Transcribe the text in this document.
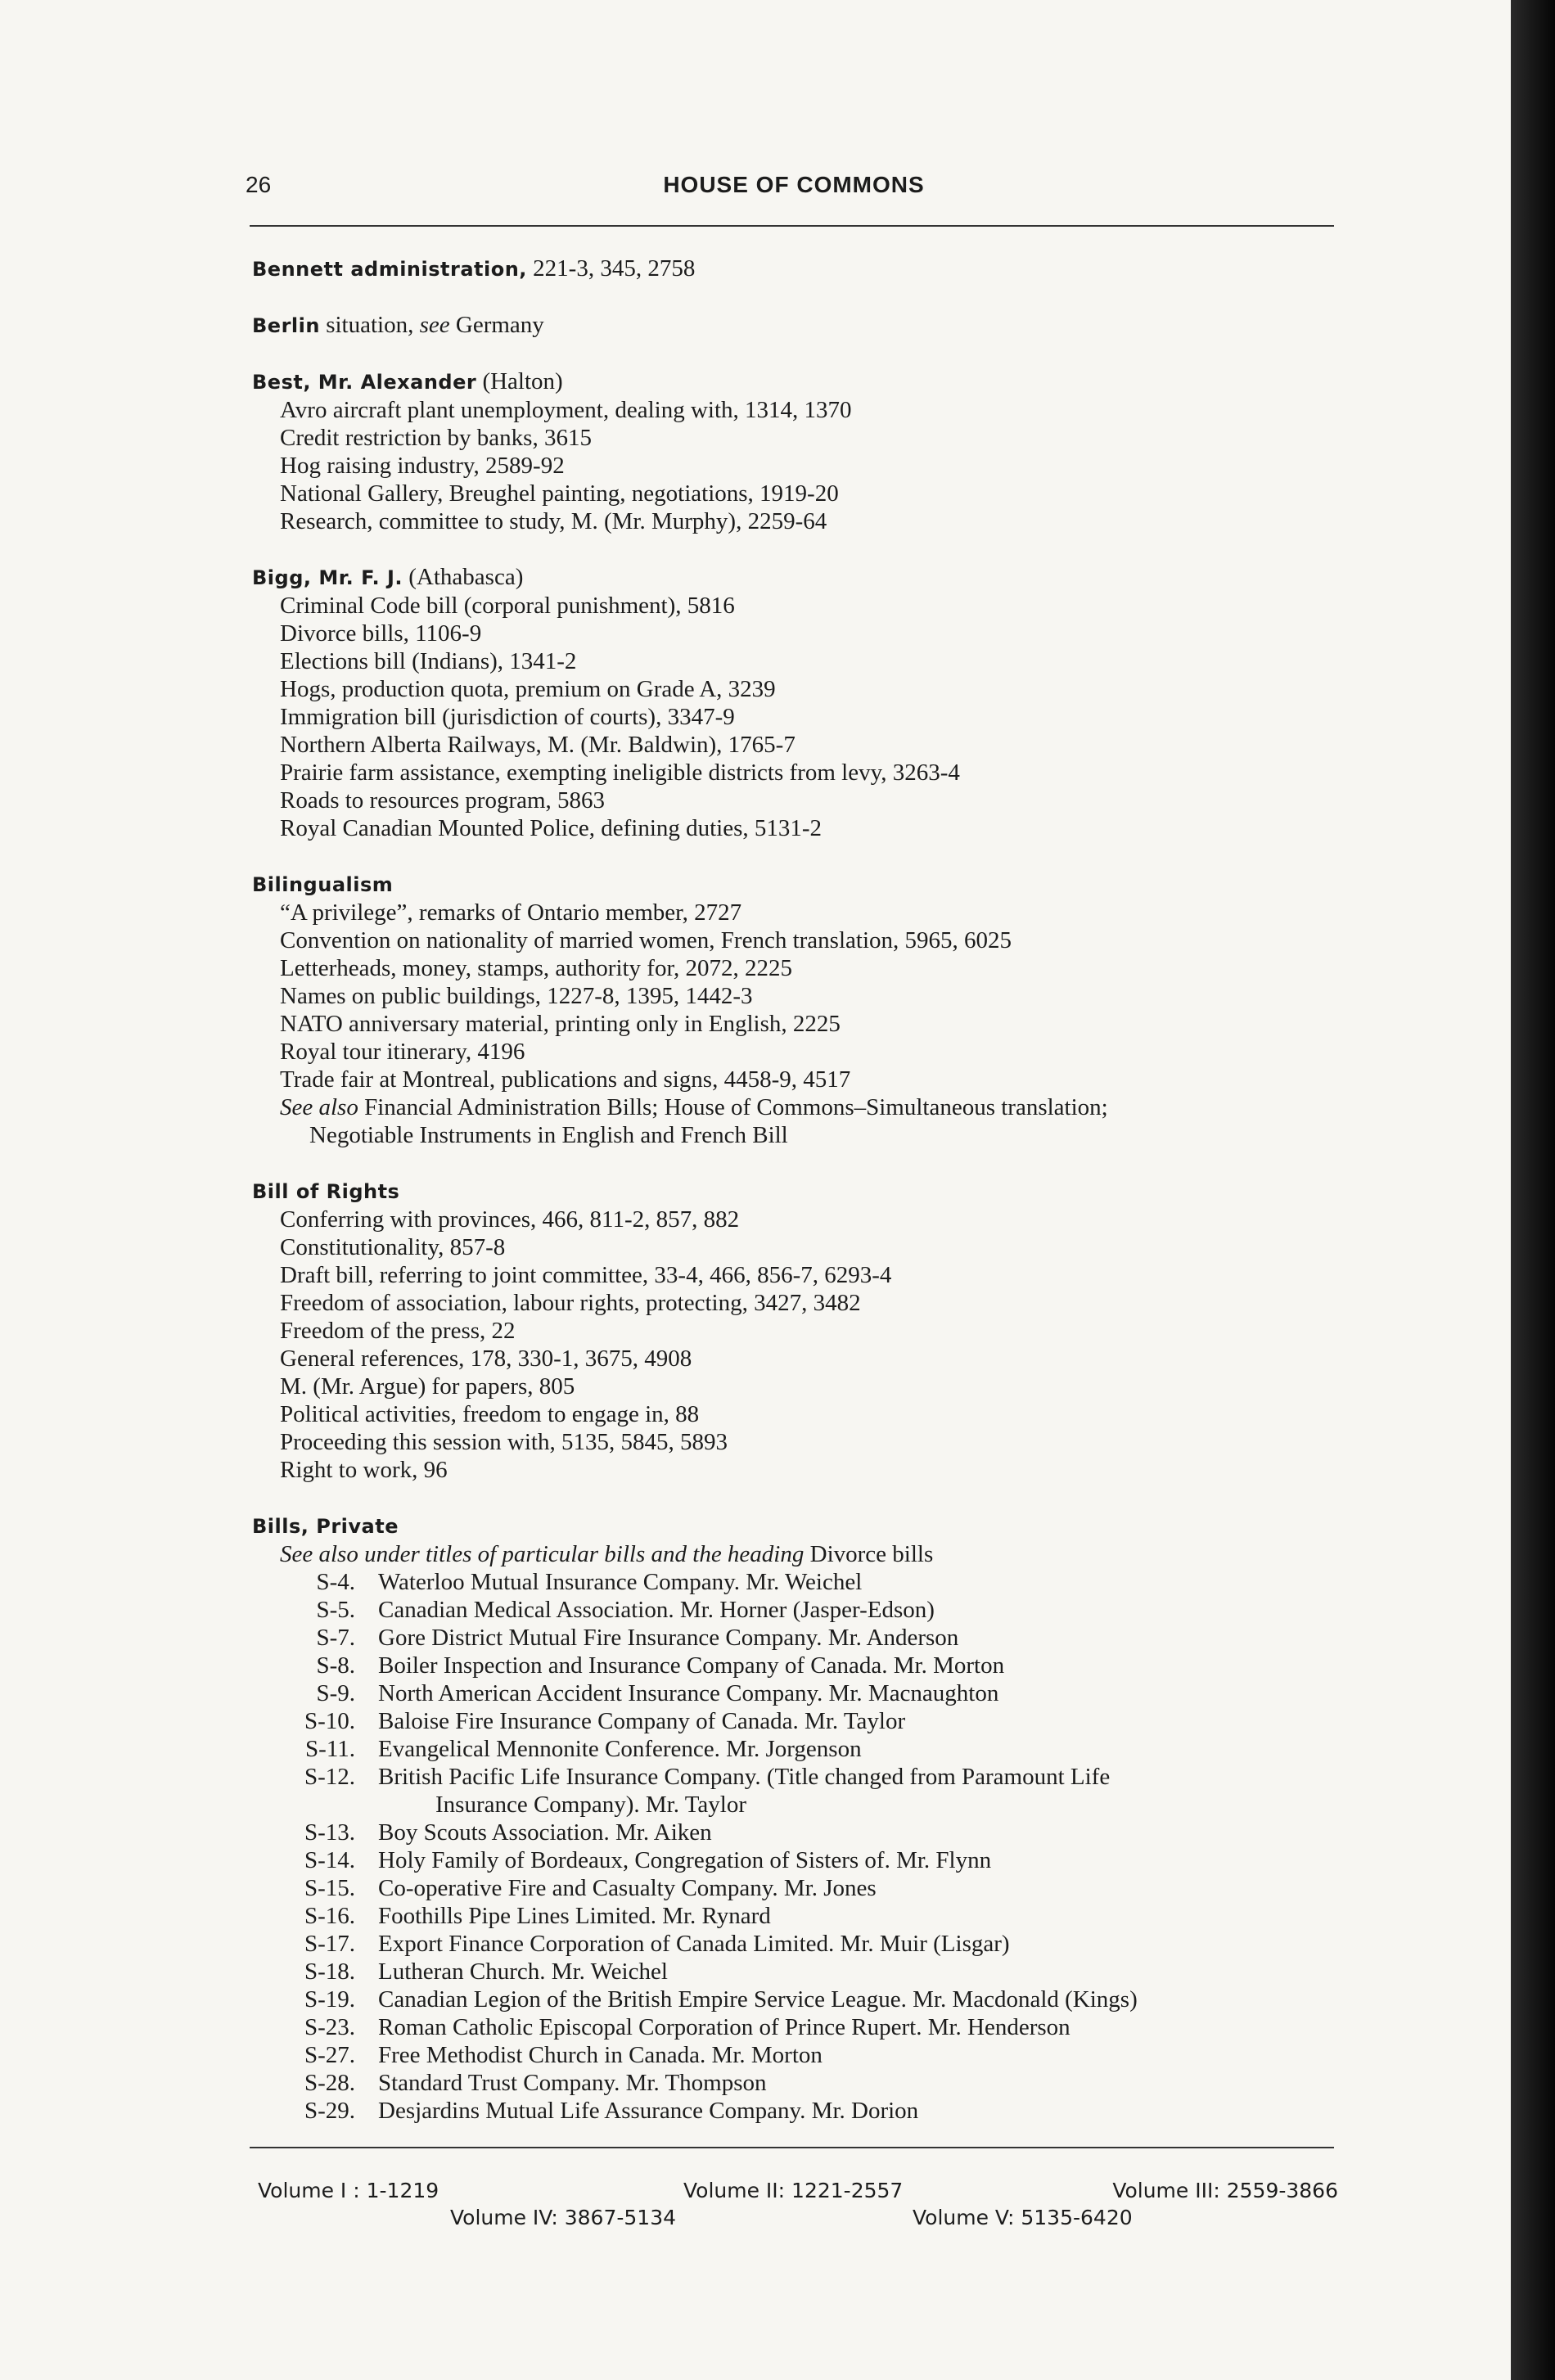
26	HOUSE OF COMMONS
Bennett administration, 221-3, 345, 2758
Berlin situation, see Germany
Best, Mr. Alexander (Halton)
Avro aircraft plant unemployment, dealing with, 1314, 1370
Credit restriction by banks, 3615
Hog raising industry, 2589-92
National Gallery, Breughel painting, negotiations, 1919-20
Research, committee to study, M. (Mr. Murphy), 2259-64
Bigg, Mr. F. J. (Athabasca)
Criminal Code bill (corporal punishment), 5816
Divorce bills, 1106-9
Elections bill (Indians), 1341-2
Hogs, production quota, premium on Grade A, 3239
Immigration bill (jurisdiction of courts), 3347-9
Northern Alberta Railways, M. (Mr. Baldwin), 1765-7
Prairie farm assistance, exempting ineligible districts from levy, 3263-4
Roads to resources program, 5863
Royal Canadian Mounted Police, defining duties, 5131-2
Bilingualism
“A privilege”, remarks of Ontario member, 2727
Convention on nationality of married women, French translation, 5965, 6025
Letterheads, money, stamps, authority for, 2072, 2225
Names on public buildings, 1227-8, 1395, 1442-3
NATO anniversary material, printing only in English, 2225
Royal tour itinerary, 4196
Trade fair at Montreal, publications and signs, 4458-9, 4517
See also Financial Administration Bills; House of Commons–Simultaneous translation;
Negotiable Instruments in English and French Bill
Bill of Rights
Conferring with provinces, 466, 811-2, 857, 882
Constitutionality, 857-8
Draft bill, referring to joint committee, 33-4, 466, 856-7, 6293-4
Freedom of association, labour rights, protecting, 3427, 3482
Freedom of the press, 22
General references, 178, 330-1, 3675, 4908
M. (Mr. Argue) for papers, 805
Political activities, freedom to engage in, 88
Proceeding this session with, 5135, 5845, 5893
Right to work, 96
Bills, Private
See also under titles of particular bills and the heading Divorce bills
S-4. Waterloo Mutual Insurance Company. Mr. Weichel
S-5. Canadian Medical Association. Mr. Horner (Jasper-Edson)
S-7. Gore District Mutual Fire Insurance Company. Mr. Anderson
S-8. Boiler Inspection and Insurance Company of Canada. Mr. Morton
S-9. North American Accident Insurance Company. Mr. Macnaughton
S-10. Baloise Fire Insurance Company of Canada. Mr. Taylor
S-11. Evangelical Mennonite Conference. Mr. Jorgenson
S-12. British Pacific Life Insurance Company. (Title changed from Paramount Life
Insurance Company). Mr. Taylor
S-13. Boy Scouts Association. Mr. Aiken
S-14. Holy Family of Bordeaux, Congregation of Sisters of. Mr. Flynn
S-15. Co-operative Fire and Casualty Company. Mr. Jones
S-16. Foothills Pipe Lines Limited. Mr. Rynard
S-17. Export Finance Corporation of Canada Limited. Mr. Muir (Lisgar)
S-18. Lutheran Church. Mr. Weichel
S-19. Canadian Legion of the British Empire Service League. Mr. Macdonald (Kings)
S-23. Roman Catholic Episcopal Corporation of Prince Rupert. Mr. Henderson
S-27. Free Methodist Church in Canada. Mr. Morton
S-28. Standard Trust Company. Mr. Thompson
S-29. Desjardins Mutual Life Assurance Company. Mr. Dorion
Volume I : 1-1219	Volume II: 1221-2557	Volume III: 2559-3866
Volume IV: 3867-5134	Volume V: 5135-6420
